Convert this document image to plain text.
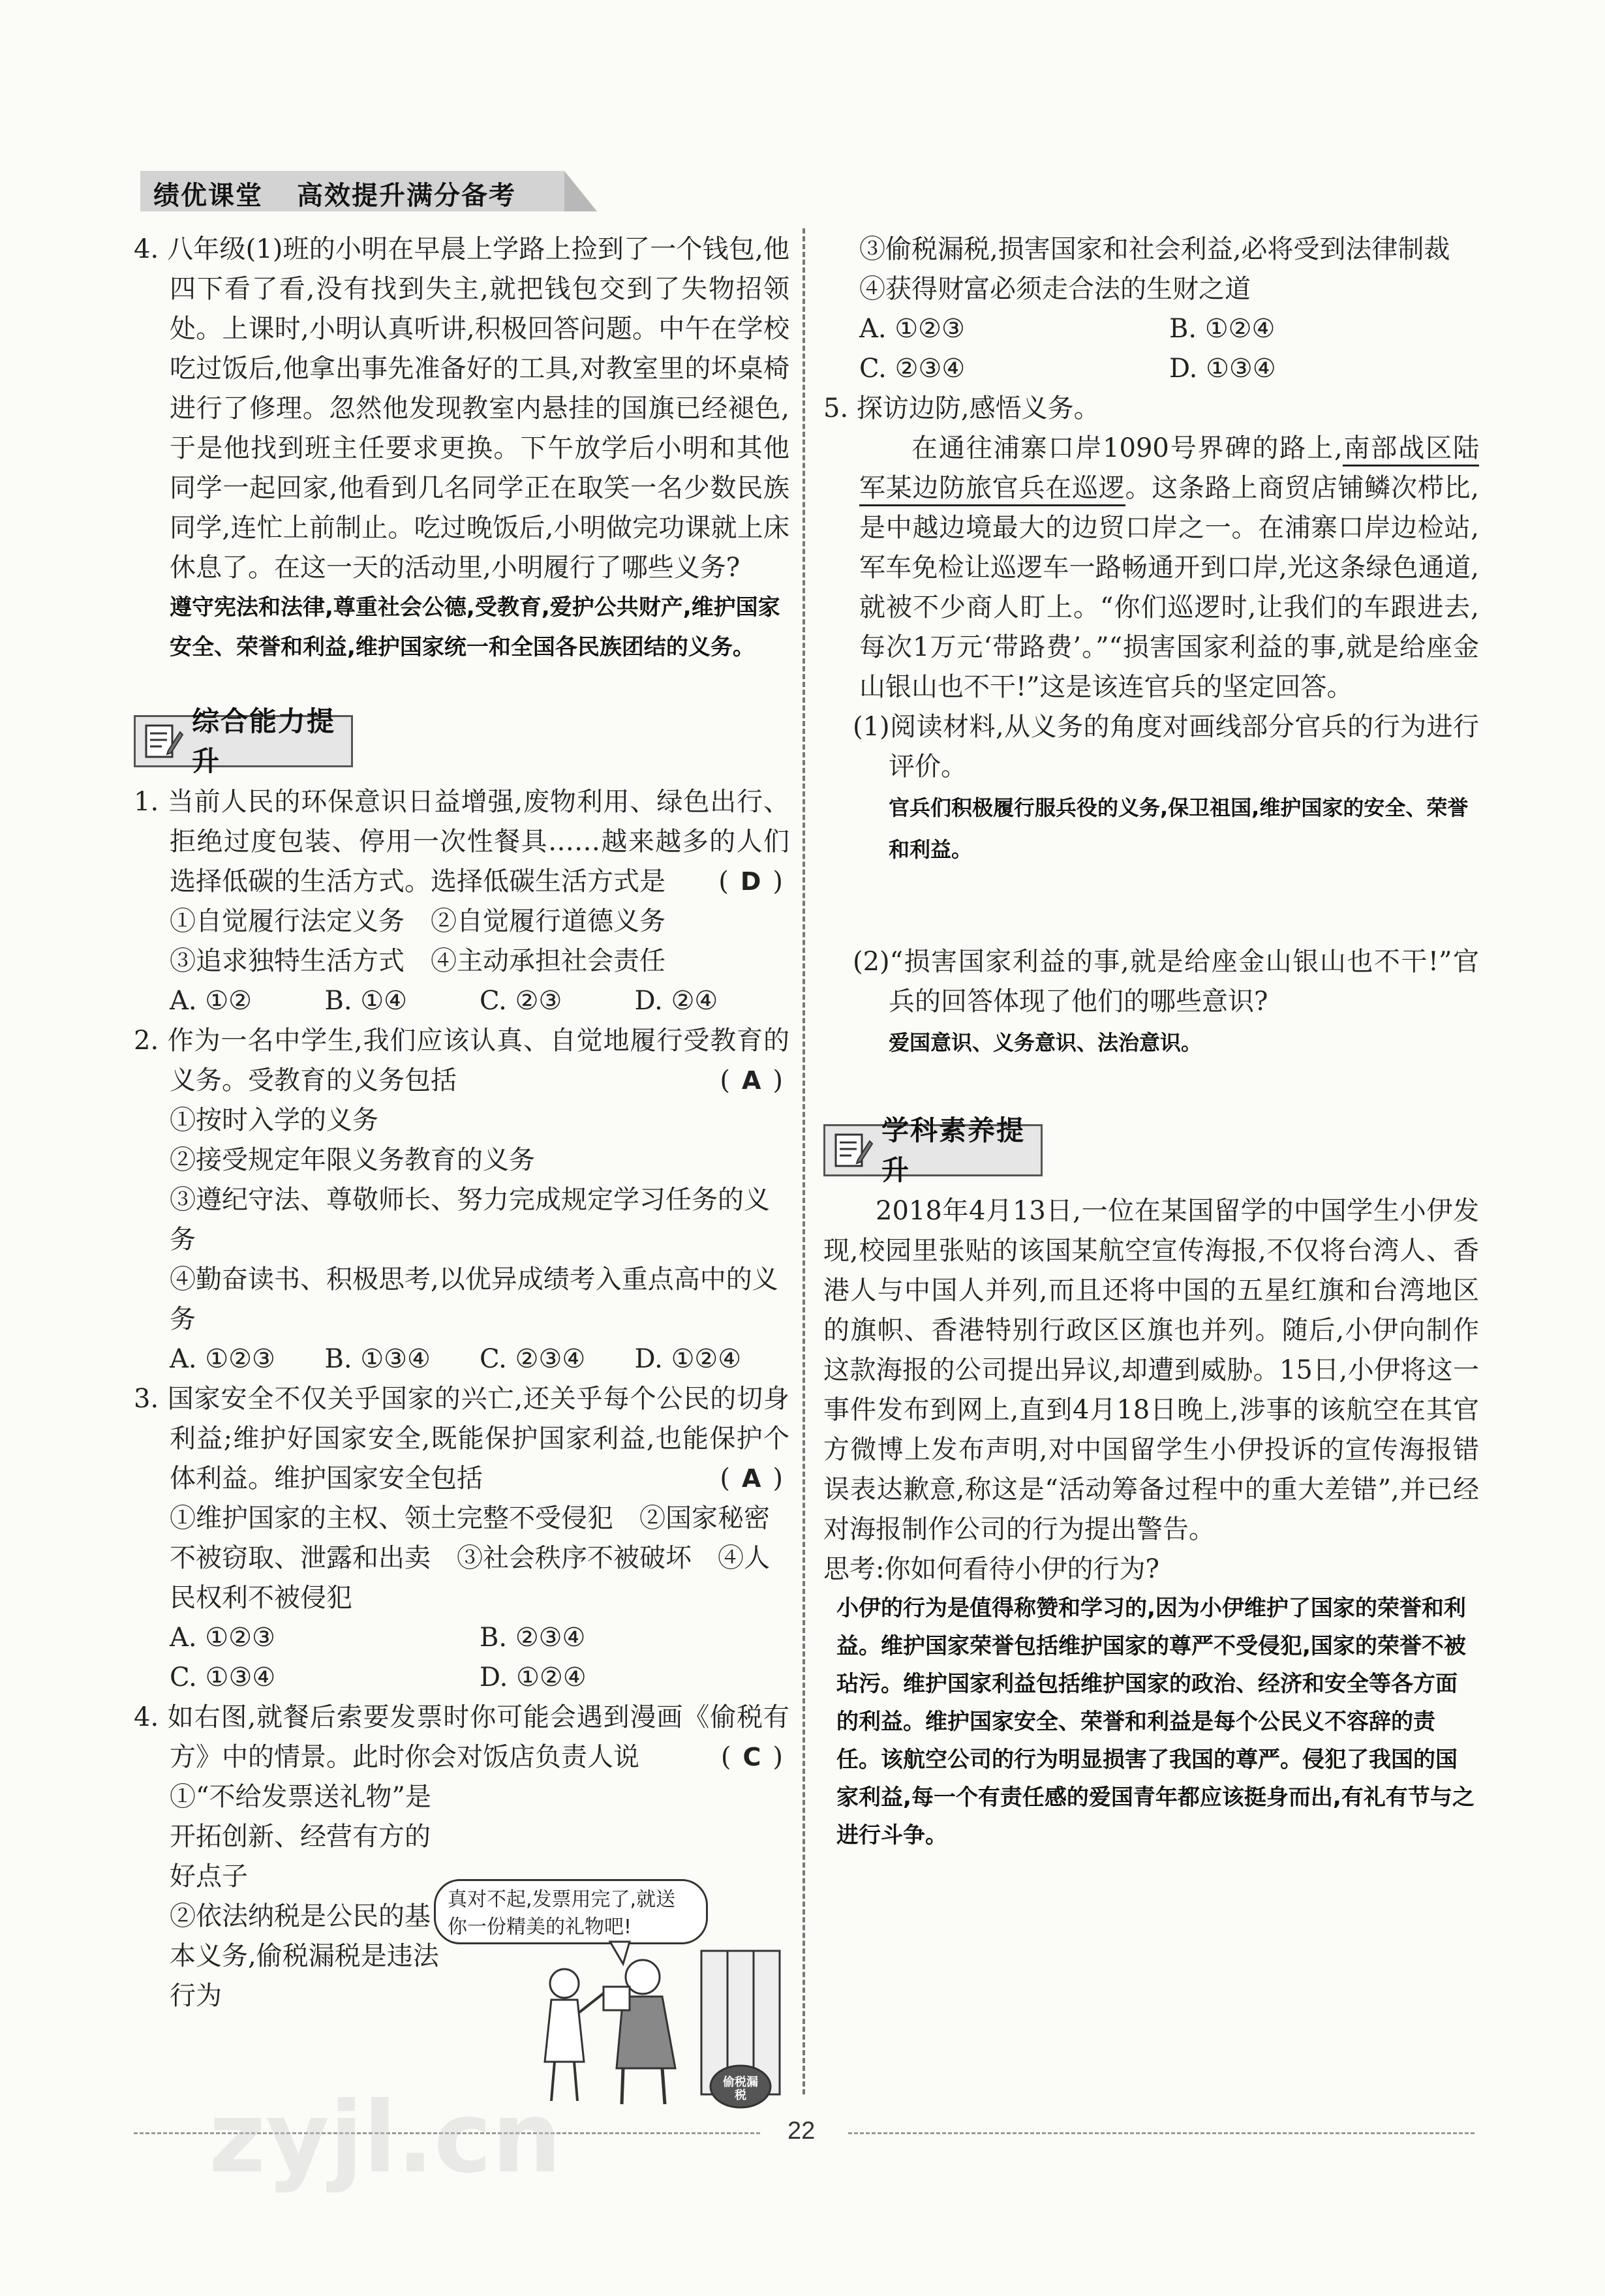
绩优课堂 高效提升满分备考

4. 八年级(1)班的小明在早晨上学路上捡到了一个钱包,他四下看了看,没有找到失主,就把钱包交到了失物招领处。上课时,小明认真听讲,积极回答问题。中午在学校吃过饭后,他拿出事先准备好的工具,对教室里的坏桌椅进行了修理。忽然他发现教室内悬挂的国旗已经褪色,于是他找到班主任要求更换。下午放学后小明和其他同学一起回家,他看到几名同学正在取笑一名少数民族同学,连忙上前制止。吃过晚饭后,小明做完功课就上床休息了。在这一天的活动里,小明履行了哪些义务?

遵守宪法和法律,尊重社会公德,受教育,爱护公共财产,维护国家安全、荣誉和利益,维护国家统一和全国各民族团结的义务。

综合能力提升

1. 当前人民的环保意识日益增强,废物利用、绿色出行、拒绝过度包装、停用一次性餐具……越来越多的人们选择低碳的生活方式。选择低碳生活方式是 ( D )

①自觉履行法定义务　②自觉履行道德义务

③追求独特生活方式　④主动承担社会责任

A. ①②	B. ①④	C. ②③	D. ②④

2. 作为一名中学生,我们应该认真、自觉地履行受教育的义务。受教育的义务包括	( A )

①按时入学的义务

②接受规定年限义务教育的义务

③遵纪守法、尊敬师长、努力完成规定学习任务的义务

④勤奋读书、积极思考,以优异成绩考入重点高中的义务

A. ①②③	B. ①③④	C. ②③④	D. ①②④

3. 国家安全不仅关乎国家的兴亡,还关乎每个公民的切身利益;维护好国家安全,既能保护国家利益,也能保护个体利益。维护国家安全包括	( A )

①维护国家的主权、领土完整不受侵犯　②国家秘密不被窃取、泄露和出卖　③社会秩序不被破坏　④人民权利不被侵犯

A. ①②③	B. ②③④
C. ①③④	D. ①②④

4. 如右图,就餐后索要发票时你可能会遇到漫画《偷税有方》中的情景。此时你会对饭店负责人说	( C )

①“不给发票送礼物”是开拓创新、经营有方的好点子

②依法纳税是公民的基本义务,偷税漏税是违法行为

真对不起,发票用完了,就送你一份精美的礼物吧!
偷税漏税

③偷税漏税,损害国家和社会利益,必将受到法律制裁　④获得财富必须走合法的生财之道

A. ①②③	B. ①②④
C. ②③④	D. ①③④

5. 探访边防,感悟义务。

在通往浦寨口岸1090号界碑的路上,南部战区陆军某边防旅官兵在巡逻。这条路上商贸店铺鳞次栉比,是中越边境最大的边贸口岸之一。在浦寨口岸边检站,军车免检让巡逻车一路畅通开到口岸,光这条绿色通道,就被不少商人盯上。“你们巡逻时,让我们的车跟进去,每次1万元‘带路费’。”“损害国家利益的事,就是给座金山银山也不干!”这是该连官兵的坚定回答。

(1)阅读材料,从义务的角度对画线部分官兵的行为进行评价。

官兵们积极履行服兵役的义务,保卫祖国,维护国家的安全、荣誉和利益。

(2)“损害国家利益的事,就是给座金山银山也不干!”官兵的回答体现了他们的哪些意识?

爱国意识、义务意识、法治意识。

学科素养提升

2018年4月13日,一位在某国留学的中国学生小伊发现,校园里张贴的该国某航空宣传海报,不仅将台湾人、香港人与中国人并列,而且还将中国的五星红旗和台湾地区的旗帜、香港特别行政区区旗也并列。随后,小伊向制作这款海报的公司提出异议,却遭到威胁。15日,小伊将这一事件发布到网上,直到4月18日晚上,涉事的该航空在其官方微博上发布声明,对中国留学生小伊投诉的宣传海报错误表达歉意,称这是“活动筹备过程中的重大差错”,并已经对海报制作公司的行为提出警告。

思考:你如何看待小伊的行为?

小伊的行为是值得称赞和学习的,因为小伊维护了国家的荣誉和利益。维护国家荣誉包括维护国家的尊严不受侵犯,国家的荣誉不被玷污。维护国家利益包括维护国家的政治、经济和安全等各方面的利益。维护国家安全、荣誉和利益是每个公民义不容辞的责任。该航空公司的行为明显损害了我国的尊严。侵犯了我国的国家利益,每一个有责任感的爱国青年都应该挺身而出,有礼有节与之进行斗争。

22
zyjl.cn
